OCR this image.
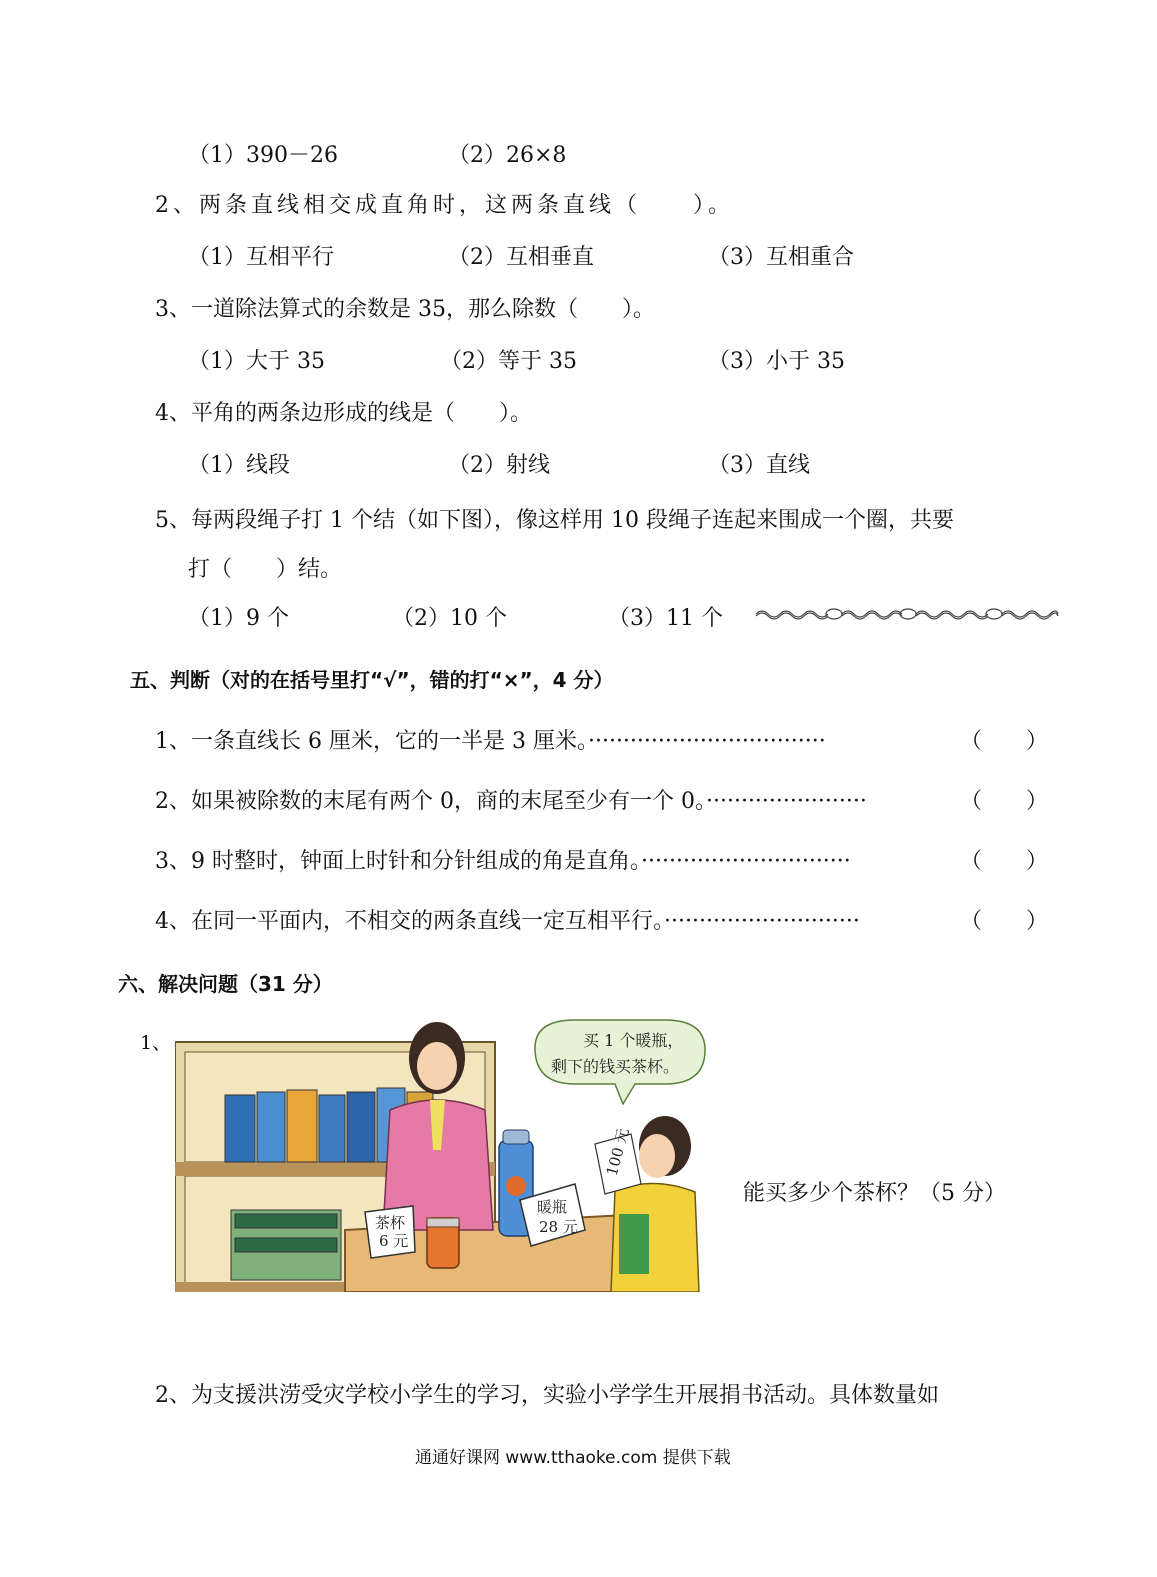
（1）390－26	（2）26×8
2、两条直线相交成直角时，这两条直线（　　）。
（1）互相平行	（2）互相垂直	（3）互相重合
3、一道除法算式的余数是 35，那么除数（　　）。
（1）大于 35	（2）等于 35	（3）小于 35
4、平角的两条边形成的线是（　　）。
（1）线段	（2）射线	（3）直线
5、每两段绳子打 1 个结（如下图），像这样用 10 段绳子连起来围成一个圈，共要
打（　　）结。
（1）9 个	（2）10 个	（3）11 个
五、判断（对的在括号里打“√”，错的打“×”，4 分）
1、一条直线长 6 厘米，它的一半是 3 厘米。··································	（　　）
2、如果被除数的末尾有两个 0，商的末尾至少有一个 0。·······················	（　　）
3、9 时整时，钟面上时针和分针组成的角是直角。······························	（　　）
4、在同一平面内，不相交的两条直线一定互相平行。····························	（　　）
六、解决问题（31 分）
1、
茶杯
6 元
暖瓶
28 元
买 1 个暖瓶，
剩下的钱买茶杯。
100 元
能买多少个茶杯？（5 分）
2、为支援洪涝受灾学校小学生的学习，实验小学学生开展捐书活动。具体数量如
通通好课网 www.tthaoke.com 提供下载
